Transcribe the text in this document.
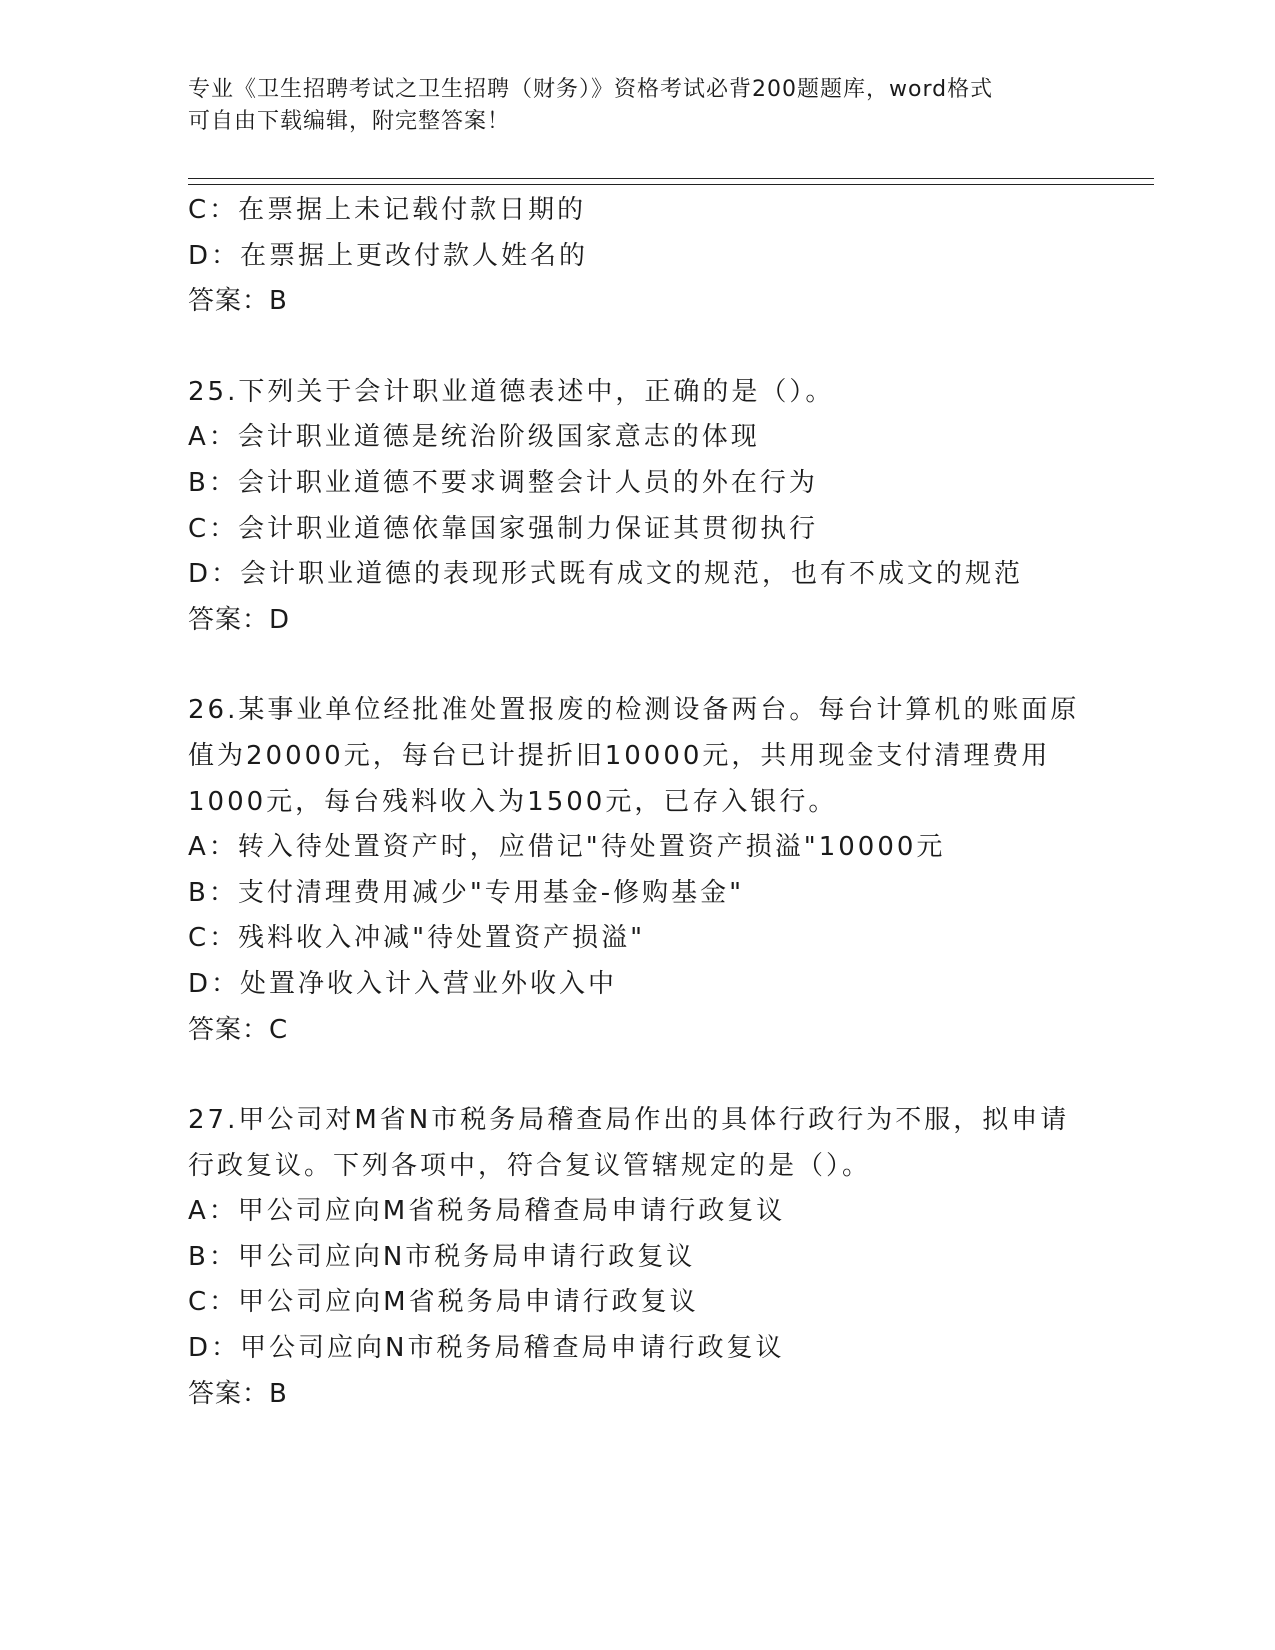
专业《卫生招聘考试之卫生招聘（财务）》资格考试必背200题题库，word格式
可自由下载编辑，附完整答案！
C：在票据上未记载付款日期的
D：在票据上更改付款人姓名的
答案：B
25.下列关于会计职业道德表述中，正确的是（）。
A：会计职业道德是统治阶级国家意志的体现
B：会计职业道德不要求调整会计人员的外在行为
C：会计职业道德依靠国家强制力保证其贯彻执行
D：会计职业道德的表现形式既有成文的规范，也有不成文的规范
答案：D
26.某事业单位经批准处置报废的检测设备两台。每台计算机的账面原
值为20000元，每台已计提折旧10000元，共用现金支付清理费用
1000元，每台残料收入为1500元，已存入银行。
A：转入待处置资产时，应借记"待处置资产损溢"10000元
B：支付清理费用减少"专用基金-修购基金"
C：残料收入冲减"待处置资产损溢"
D：处置净收入计入营业外收入中
答案：C
27.甲公司对M省N市税务局稽查局作出的具体行政行为不服，拟申请
行政复议。下列各项中，符合复议管辖规定的是（）。
A：甲公司应向M省税务局稽查局申请行政复议
B：甲公司应向N市税务局申请行政复议
C：甲公司应向M省税务局申请行政复议
D：甲公司应向N市税务局稽查局申请行政复议
答案：B
